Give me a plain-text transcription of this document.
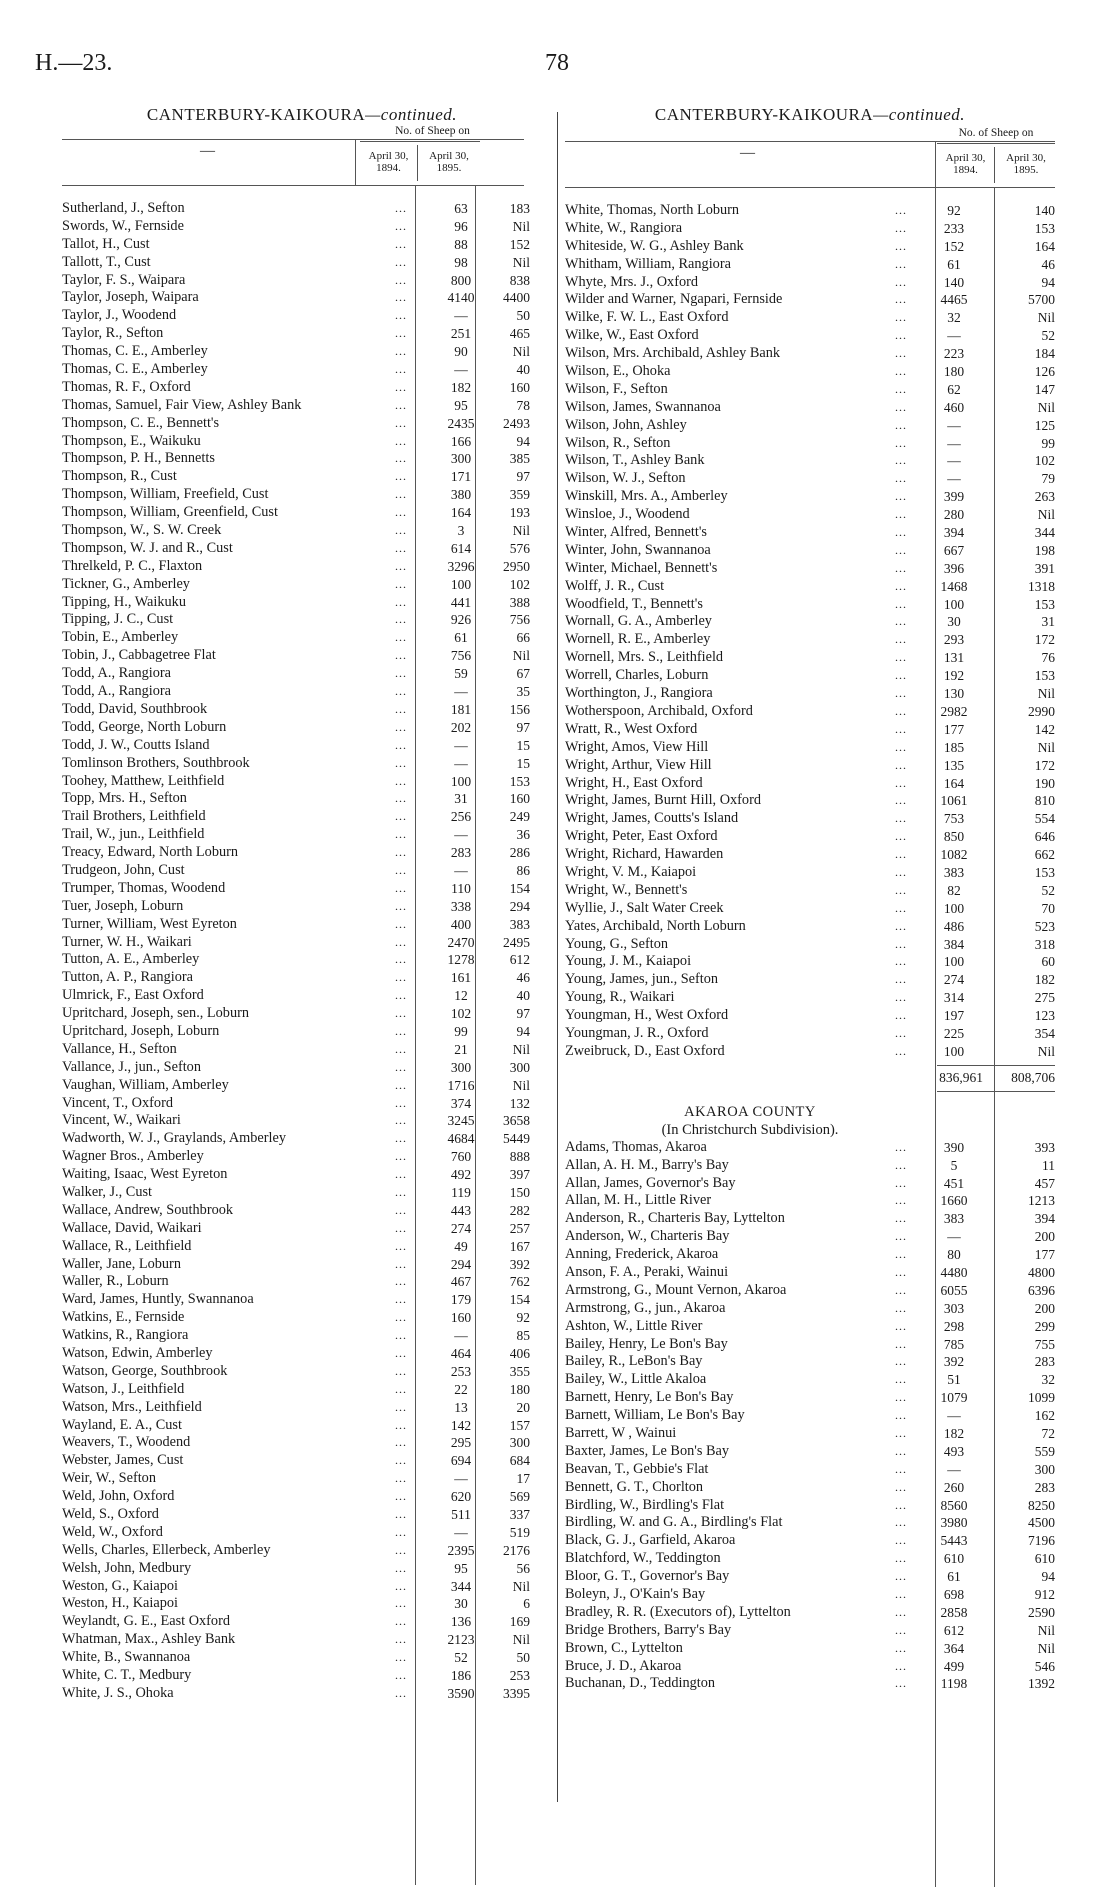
H.—23.	78
CANTERBURY-KAIKOURA—continued.
No. of Sheep on
April 30,
1894.
April 30,
1895.
—
Sutherland, J., Sefton	...	63	183
Swords, W., Fernside	...	96	Nil
Tallot, H., Cust	...	88	152
Tallott, T., Cust	...	98	Nil
Taylor, F. S., Waipara	...	800	838
Taylor, Joseph, Waipara	...	4140	4400
Taylor, J., Woodend	...	—	50
Taylor, R., Sefton	...	251	465
Thomas, C. E., Amberley	...	90	Nil
Thomas, C. E., Amberley	...	—	40
Thomas, R. F., Oxford	...	182	160
Thomas, Samuel, Fair View, Ashley Bank	...	95	78
Thompson, C. E., Bennett's	...	2435	2493
Thompson, E., Waikuku	...	166	94
Thompson, P. H., Bennetts	...	300	385
Thompson, R., Cust	...	171	97
Thompson, William, Freefield, Cust	...	380	359
Thompson, William, Greenfield, Cust	...	164	193
Thompson, W., S. W. Creek	...	3	Nil
Thompson, W. J. and R., Cust	...	614	576
Threlkeld, P. C., Flaxton	...	3296	2950
Tickner, G., Amberley	...	100	102
Tipping, H., Waikuku	...	441	388
Tipping, J. C., Cust	...	926	756
Tobin, E., Amberley	...	61	66
Tobin, J., Cabbagetree Flat	...	756	Nil
Todd, A., Rangiora	...	59	67
Todd, A., Rangiora	...	—	35
Todd, David, Southbrook	...	181	156
Todd, George, North Loburn	...	202	97
Todd, J. W., Coutts Island	...	—	15
Tomlinson Brothers, Southbrook	...	—	15
Toohey, Matthew, Leithfield	...	100	153
Topp, Mrs. H., Sefton	...	31	160
Trail Brothers, Leithfield	...	256	249
Trail, W., jun., Leithfield	...	—	36
Treacy, Edward, North Loburn	...	283	286
Trudgeon, John, Cust	...	—	86
Trumper, Thomas, Woodend	...	110	154
Tuer, Joseph, Loburn	...	338	294
Turner, William, West Eyreton	...	400	383
Turner, W. H., Waikari	...	2470	2495
Tutton, A. E., Amberley	...	1278	612
Tutton, A. P., Rangiora	...	161	46
Ulmrick, F., East Oxford	...	12	40
Upritchard, Joseph, sen., Loburn	...	102	97
Upritchard, Joseph, Loburn	...	99	94
Vallance, H., Sefton	...	21	Nil
Vallance, J., jun., Sefton	...	300	300
Vaughan, William, Amberley	...	1716	Nil
Vincent, T., Oxford	...	374	132
Vincent, W., Waikari	...	3245	3658
Wadworth, W. J., Graylands, Amberley	...	4684	5449
Wagner Bros., Amberley	...	760	888
Waiting, Isaac, West Eyreton	...	492	397
Walker, J., Cust	...	119	150
Wallace, Andrew, Southbrook	...	443	282
Wallace, David, Waikari	...	274	257
Wallace, R., Leithfield	...	49	167
Waller, Jane, Loburn	...	294	392
Waller, R., Loburn	...	467	762
Ward, James, Huntly, Swannanoa	...	179	154
Watkins, E., Fernside	...	160	92
Watkins, R., Rangiora	...	—	85
Watson, Edwin, Amberley	...	464	406
Watson, George, Southbrook	...	253	355
Watson, J., Leithfield	...	22	180
Watson, Mrs., Leithfield	...	13	20
Wayland, E. A., Cust	...	142	157
Weavers, T., Woodend	...	295	300
Webster, James, Cust	...	694	684
Weir, W., Sefton	...	—	17
Weld, John, Oxford	...	620	569
Weld, S., Oxford	...	511	337
Weld, W., Oxford	...	—	519
Wells, Charles, Ellerbeck, Amberley	...	2395	2176
Welsh, John, Medbury	...	95	56
Weston, G., Kaiapoi	...	344	Nil
Weston, H., Kaiapoi	...	30	6
Weylandt, G. E., East Oxford	...	136	169
Whatman, Max., Ashley Bank	...	2123	Nil
White, B., Swannanoa	...	52	50
White, C. T., Medbury	...	186	253
White, J. S., Ohoka	...	3590	3395
CANTERBURY-KAIKOURA—continued.
No. of Sheep on
April 30,
1894.
April 30,
1895.
—
White, Thomas, North Loburn	...	92	140
White, W., Rangiora	...	233	153
Whiteside, W. G., Ashley Bank	...	152	164
Whitham, William, Rangiora	...	61	46
Whyte, Mrs. J., Oxford	...	140	94
Wilder and Warner, Ngapari, Fernside	...	4465	5700
Wilke, F. W. L., East Oxford	...	32	Nil
Wilke, W., East Oxford	...	—	52
Wilson, Mrs. Archibald, Ashley Bank	...	223	184
Wilson, E., Ohoka	...	180	126
Wilson, F., Sefton	...	62	147
Wilson, James, Swannanoa	...	460	Nil
Wilson, John, Ashley	...	—	125
Wilson, R., Sefton	...	—	99
Wilson, T., Ashley Bank	...	—	102
Wilson, W. J., Sefton	...	—	79
Winskill, Mrs. A., Amberley	...	399	263
Winsloe, J., Woodend	...	280	Nil
Winter, Alfred, Bennett's	...	394	344
Winter, John, Swannanoa	...	667	198
Winter, Michael, Bennett's	...	396	391
Wolff, J. R., Cust	...	1468	1318
Woodfield, T., Bennett's	...	100	153
Wornall, G. A., Amberley	...	30	31
Wornell, R. E., Amberley	...	293	172
Wornell, Mrs. S., Leithfield	...	131	76
Worrell, Charles, Loburn	...	192	153
Worthington, J., Rangiora	...	130	Nil
Wotherspoon, Archibald, Oxford	...	2982	2990
Wratt, R., West Oxford	...	177	142
Wright, Amos, View Hill	...	185	Nil
Wright, Arthur, View Hill	...	135	172
Wright, H., East Oxford	...	164	190
Wright, James, Burnt Hill, Oxford	...	1061	810
Wright, James, Coutts's Island	...	753	554
Wright, Peter, East Oxford	...	850	646
Wright, Richard, Hawarden	...	1082	662
Wright, V. M., Kaiapoi	...	383	153
Wright, W., Bennett's	...	82	52
Wyllie, J., Salt Water Creek	...	100	70
Yates, Archibald, North Loburn	...	486	523
Young, G., Sefton	...	384	318
Young, J. M., Kaiapoi	...	100	60
Young, James, jun., Sefton	...	274	182
Young, R., Waikari	...	314	275
Youngman, H., West Oxford	...	197	123
Youngman, J. R., Oxford	...	225	354
Zweibruck, D., East Oxford	...	100	Nil
836,961	808,706
AKAROA COUNTY
(In Christchurch Subdivision).
Adams, Thomas, Akaroa	...	390	393
Allan, A. H. M., Barry's Bay	...	5	11
Allan, James, Governor's Bay	...	451	457
Allan, M. H., Little River	...	1660	1213
Anderson, R., Charteris Bay, Lyttelton	...	383	394
Anderson, W., Charteris Bay	...	—	200
Anning, Frederick, Akaroa	...	80	177
Anson, F. A., Peraki, Wainui	...	4480	4800
Armstrong, G., Mount Vernon, Akaroa	...	6055	6396
Armstrong, G., jun., Akaroa	...	303	200
Ashton, W., Little River	...	298	299
Bailey, Henry, Le Bon's Bay	...	785	755
Bailey, R., LeBon's Bay	...	392	283
Bailey, W., Little Akaloa	...	51	32
Barnett, Henry, Le Bon's Bay	...	1079	1099
Barnett, William, Le Bon's Bay	...	—	162
Barrett, W , Wainui	...	182	72
Baxter, James, Le Bon's Bay	...	493	559
Beavan, T., Gebbie's Flat	...	—	300
Bennett, G. T., Chorlton	...	260	283
Birdling, W., Birdling's Flat	...	8560	8250
Birdling, W. and G. A., Birdling's Flat	...	3980	4500
Black, G. J., Garfield, Akaroa	...	5443	7196
Blatchford, W., Teddington	...	610	610
Bloor, G. T., Governor's Bay	...	61	94
Boleyn, J., O'Kain's Bay	...	698	912
Bradley, R. R. (Executors of), Lyttelton	...	2858	2590
Bridge Brothers, Barry's Bay	...	612	Nil
Brown, C., Lyttelton	...	364	Nil
Bruce, J. D., Akaroa	...	499	546
Buchanan, D., Teddington	...	1198	1392
